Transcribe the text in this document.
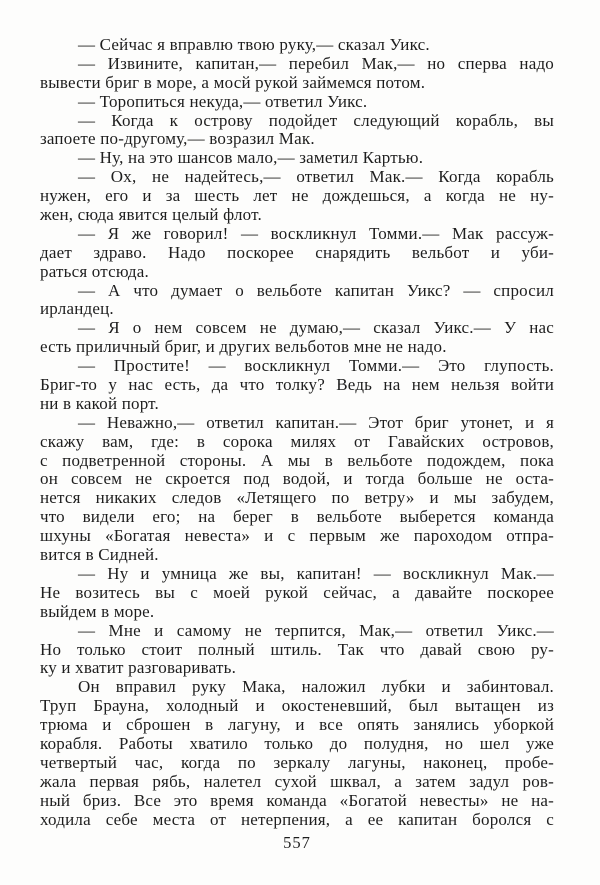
— Сейчас я вправлю твою руку,— сказал Уикс.
— Извините, капитан,— перебил Мак,— но сперва надо
вывести бриг в море, а мосй рукой займемся потом.
— Торопиться некуда,— ответил Уикс.
— Когда к острову подойдет следующий корабль, вы
запоете по-другому,— возразил Мак.
— Ну, на это шансов мало,— заметил Картью.
— Ох, не надейтесь,— ответил Мак.— Когда корабль
нужен, его и за шесть лет не дождешься, а когда не ну-
жен, сюда явится целый флот.
— Я же говорил! — воскликнул Томми.— Мак рассуж-
дает здраво. Надо поскорее снарядить вельбот и уби-
раться отсюда.
— А что думает о вельботе капитан Уикс? — спросил
ирландец.
— Я о нем совсем не думаю,— сказал Уикс.— У нас
есть приличный бриг, и других вельботов мне не надо.
— Простите! — воскликнул Томми.— Это глупость.
Бриг-то у нас есть, да что толку? Ведь на нем нельзя войти
ни в какой порт.
— Неважно,— ответил капитан.— Этот бриг утонет, и я
скажу вам, где: в сорока милях от Гавайских островов,
с подветренной стороны. А мы в вельботе подождем, пока
он совсем не скроется под водой, и тогда больше не оста-
нется никаких следов «Летящего по ветру» и мы забудем,
что видели его; на берег в вельботе выберется команда
шхуны «Богатая невеста» и с первым же пароходом отпра-
вится в Сидней.
— Ну и умница же вы, капитан! — воскликнул Мак.—
Не возитесь вы с моей рукой сейчас, а давайте поскорее
выйдем в море.
— Мне и самому не терпится, Мак,— ответил Уикс.—
Но только стоит полный штиль. Так что давай свою ру-
ку и хватит разговаривать.
Он вправил руку Мака, наложил лубки и забинтовал.
Труп Брауна, холодный и окостеневший, был вытащен из
трюма и сброшен в лагуну, и все опять занялись уборкой
корабля. Работы хватило только до полудня, но шел уже
четвертый час, когда по зеркалу лагуны, наконец, пробе-
жала первая рябь, налетел сухой шквал, а затем задул ров-
ный бриз. Все это время команда «Богатой невесты» не на-
ходила себе места от нетерпения, а ее капитан боролся с
557
